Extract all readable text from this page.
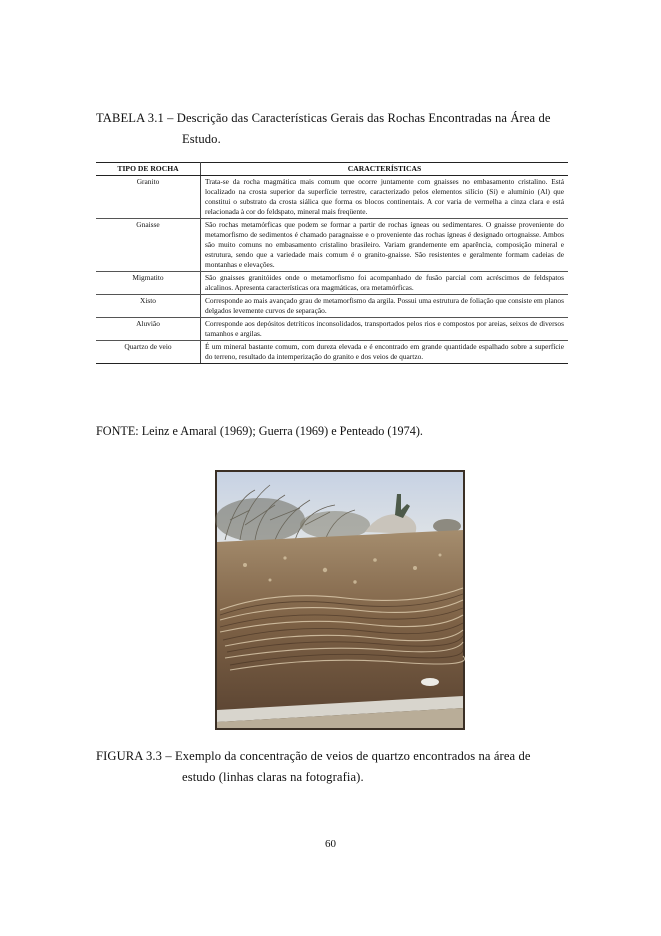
TABELA 3.1 – Descrição das Características Gerais das Rochas Encontradas na Área de
Estudo.
TIPO DE ROCHA	CARACTERÍSTICAS
Granito	Trata-se da rocha magmática mais comum que ocorre juntamente com gnaisses no embasamento cristalino. Está localizado na crosta superior da superfície terrestre, caracterizado pelos elementos silício (Si) e alumínio (Al) que constitui o substrato da crosta siálica que forma os blocos continentais. A cor varia de vermelha a cinza clara e está relacionada à cor do feldspato, mineral mais freqüente.
Gnaisse	São rochas metamórficas que podem se formar a partir de rochas ígneas ou sedimentares. O gnaisse proveniente do metamorfismo de sedimentos é chamado paragnaisse e o proveniente das rochas ígneas é designado ortognaisse. Ambos são muito comuns no embasamento cristalino brasileiro. Variam grandemente em aparência, composição mineral e estrutura, sendo que a variedade mais comum é o granito-gnaisse. São resistentes e geralmente formam cadeias de montanhas e elevações.
Migmatito	São gnaisses granitóides onde o metamorfismo foi acompanhado de fusão parcial com acréscimos de feldspatos alcalinos. Apresenta características ora magmáticas, ora metamórficas.
Xisto	Corresponde ao mais avançado grau de metamorfismo da argila. Possui uma estrutura de foliação que consiste em planos delgados levemente curvos de separação.
Aluvião	Corresponde aos depósitos detríticos inconsolidados, transportados pelos rios e compostos por areias, seixos de diversos tamanhos e argilas.
Quartzo de veio	É um mineral bastante comum, com dureza elevada e é encontrado em grande quantidade espalhado sobre a superfície do terreno, resultado da intemperização do granito e dos veios de quartzo.
FONTE: Leinz e Amaral (1969); Guerra (1969) e Penteado (1974).
FIGURA 3.3 – Exemplo da concentração de veios de quartzo encontrados na área de
estudo (linhas claras na fotografia).
60
